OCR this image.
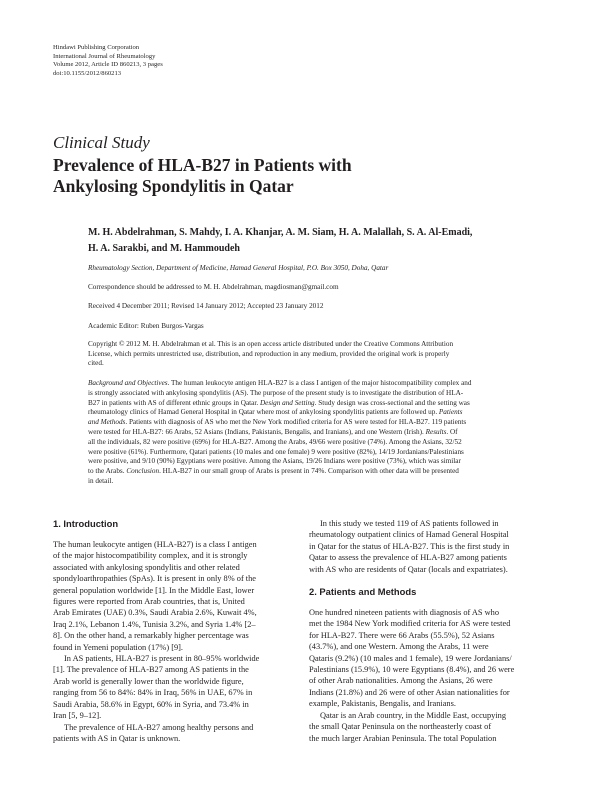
Hindawi Publishing Corporation
International Journal of Rheumatology
Volume 2012, Article ID 860213, 3 pages
doi:10.1155/2012/860213
Clinical Study
Prevalence of HLA-B27 in Patients with
Ankylosing Spondylitis in Qatar
M. H. Abdelrahman, S. Mahdy, I. A. Khanjar, A. M. Siam, H. A. Malallah, S. A. Al-Emadi,
H. A. Sarakbi, and M. Hammoudeh
Rheumatology Section, Department of Medicine, Hamad General Hospital, P.O. Box 3050, Doha, Qatar
Correspondence should be addressed to M. H. Abdelrahman, magdiosman@gmail.com
Received 4 December 2011; Revised 14 January 2012; Accepted 23 January 2012
Academic Editor: Ruben Burgos-Vargas
Copyright © 2012 M. H. Abdelrahman et al. This is an open access article distributed under the Creative Commons Attribution
License, which permits unrestricted use, distribution, and reproduction in any medium, provided the original work is properly
cited.
Background and Objectives. The human leukocyte antigen HLA-B27 is a class I antigen of the major histocompatibility complex and
is strongly associated with ankylosing spondylitis (AS). The purpose of the present study is to investigate the distribution of HLA-
B27 in patients with AS of different ethnic groups in Qatar. Design and Setting. Study design was cross-sectional and the setting was
rheumatology clinics of Hamad General Hospital in Qatar where most of ankylosing spondylitis patients are followed up. Patients
and Methods. Patients with diagnosis of AS who met the New York modified criteria for AS were tested for HLA-B27. 119 patients
were tested for HLA-B27: 66 Arabs, 52 Asians (Indians, Pakistanis, Bengalis, and Iranians), and one Western (Irish). Results. Of
all the individuals, 82 were positive (69%) for HLA-B27. Among the Arabs, 49/66 were positive (74%). Among the Asians, 32/52
were positive (61%). Furthermore, Qatari patients (10 males and one female) 9 were positive (82%), 14/19 Jordanians/Palestinians
were positive, and 9/10 (90%) Egyptians were positive. Among the Asians, 19/26 Indians were positive (73%), which was similar
to the Arabs. Conclusion. HLA-B27 in our small group of Arabs is present in 74%. Comparison with other data will be presented
in detail.
1. Introduction
The human leukocyte antigen (HLA-B27) is a class I antigen
of the major histocompatibility complex, and it is strongly
associated with ankylosing spondylitis and other related
spondyloarthropathies (SpAs). It is present in only 8% of the
general population worldwide [1]. In the Middle East, lower
figures were reported from Arab countries, that is, United
Arab Emirates (UAE) 0.3%, Saudi Arabia 2.6%, Kuwait 4%,
Iraq 2.1%, Lebanon 1.4%, Tunisia 3.2%, and Syria 1.4% [2–
8]. On the other hand, a remarkably higher percentage was
found in Yemeni population (17%) [9].
In AS patients, HLA-B27 is present in 80–95% worldwide
[1]. The prevalence of HLA-B27 among AS patients in the
Arab world is generally lower than the worldwide figure,
ranging from 56 to 84%: 84% in Iraq, 56% in UAE, 67% in
Saudi Arabia, 58.6% in Egypt, 60% in Syria, and 73.4% in
Iran [5, 9–12].
The prevalence of HLA-B27 among healthy persons and
patients with AS in Qatar is unknown.
In this study we tested 119 of AS patients followed in
rheumatology outpatient clinics of Hamad General Hospital
in Qatar for the status of HLA-B27. This is the first study in
Qatar to assess the prevalence of HLA-B27 among patients
with AS who are residents of Qatar (locals and expatriates).
2. Patients and Methods
One hundred nineteen patients with diagnosis of AS who
met the 1984 New York modified criteria for AS were tested
for HLA-B27. There were 66 Arabs (55.5%), 52 Asians
(43.7%), and one Western. Among the Arabs, 11 were
Qataris (9.2%) (10 males and 1 female), 19 were Jordanians/
Palestinians (15.9%), 10 were Egyptians (8.4%), and 26 were
of other Arab nationalities. Among the Asians, 26 were
Indians (21.8%) and 26 were of other Asian nationalities for
example, Pakistanis, Bengalis, and Iranians.
Qatar is an Arab country, in the Middle East, occupying
the small Qatar Peninsula on the northeasterly coast of
the much larger Arabian Peninsula. The total Population
